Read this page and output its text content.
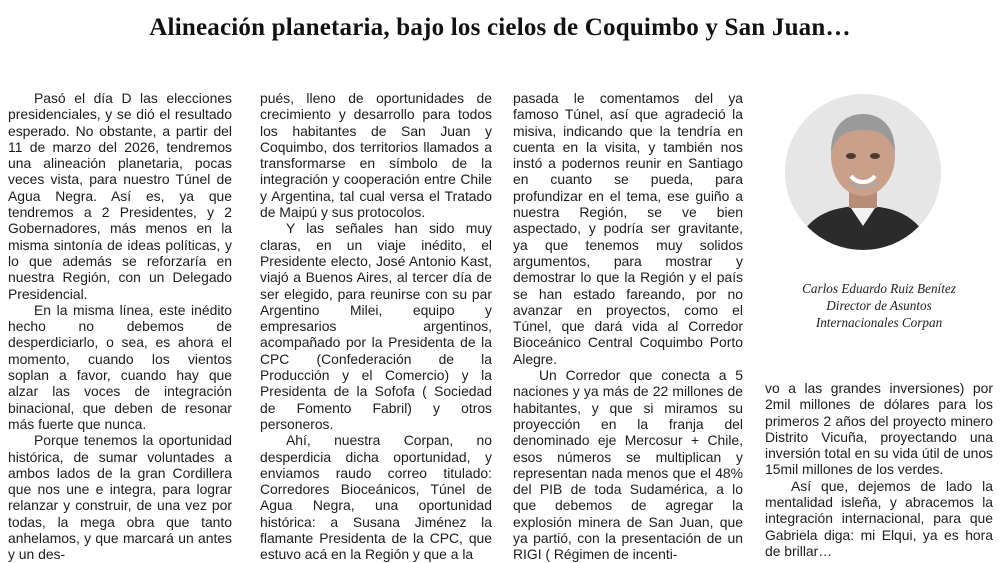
Alineación planetaria, bajo los cielos de Coquimbo y San Juan…

Pasó el día D las elecciones presidenciales, y se dió el resultado esperado. No obstante, a partir del 11 de marzo del 2026, tendremos una alineación planetaria, pocas veces vista, para nuestro Túnel de Agua Negra. Así es, ya que tendremos a 2 Presidentes, y 2 Gobernadores, más menos en la misma sintonía de ideas políticas, y lo que además se reforzaría en nuestra Región, con un Delegado Presidencial.

En la misma línea, este inédito hecho no debemos de desperdiciarlo, o sea, es ahora el momento, cuando los vientos soplan a favor, cuando hay que alzar las voces de integración binacional, que deben de resonar más fuerte que nunca.

Porque tenemos la oportunidad histórica, de sumar voluntades a ambos lados de la gran Cordillera que nos une e integra, para lograr relanzar y construir, de una vez por todas, la mega obra que tanto anhelamos, y que marcará un antes y un des-

pués, lleno de oportunidades de crecimiento y desarrollo para todos los habitantes de San Juan y Coquimbo, dos territorios llamados a transformarse en símbolo de la integración y cooperación entre Chile y Argentina, tal cual versa el Tratado de Maipú y sus protocolos.

Y las señales han sido muy claras, en un viaje inédito, el Presidente electo, José Antonio Kast, viajó a Buenos Aires, al tercer día de ser elegido, para reunirse con su par Argentino Milei, equipo y empresarios argentinos, acompañado por la Presidenta de la CPC (Confederación de la Producción y el Comercio) y la Presidenta de la Sofofa ( Sociedad de Fomento Fabril) y otros personeros.

Ahí, nuestra Corpan, no desperdicia dicha oportunidad, y enviamos raudo correo titulado: Corredores Bioceánicos, Túnel de Agua Negra, una oportunidad histórica: a Susana Jiménez la flamante Presidenta de la CPC, que estuvo acá en la Región y que a la

pasada le comentamos del ya famoso Túnel, así que agradeció la misiva, indicando que la tendría en cuenta en la visita, y también nos instó a podernos reunir en Santiago en cuanto se pueda, para profundizar en el tema, ese guiño a nuestra Región, se ve bien aspectado, y podría ser gravitante, ya que tenemos muy solidos argumentos, para mostrar y demostrar lo que la Región y el país se han estado fareando, por no avanzar en proyectos, como el Túnel, que dará vida al Corredor Bioceánico Central Coquimbo Porto Alegre.

Un Corredor que conecta a 5 naciones y ya más de 22 millones de habitantes, y que si miramos su proyección en la franja del denominado eje Mercosur + Chile, esos números se multiplican y representan nada menos que el 48% del PIB de toda Sudamérica, a lo que debemos de agregar la explosión minera de San Juan, que ya partió, con la presentación de un RIGI ( Régimen de incenti-

Carlos Eduardo Ruiz Benítez
Director de Asuntos
Internacionales Corpan

vo a las grandes inversiones) por 2mil millones de dólares para los primeros 2 años del proyecto minero Distrito Vicuña, proyectando una inversión total en su vida útil de unos 15mil millones de los verdes.

Así que, dejemos de lado la mentalidad isleña, y abracemos la integración internacional, para que Gabriela diga: mi Elqui, ya es hora de brillar…
